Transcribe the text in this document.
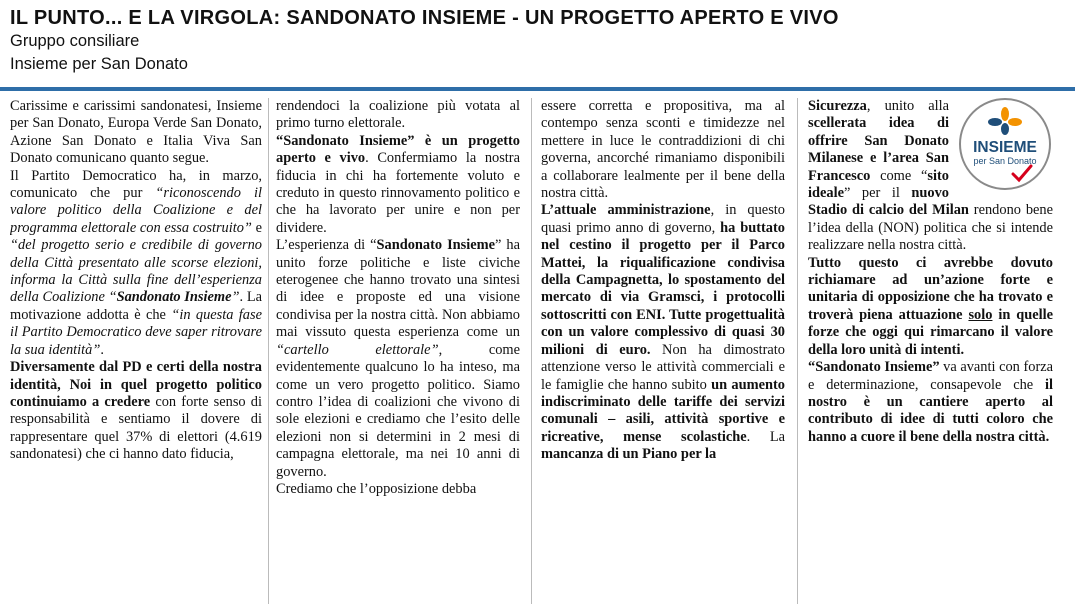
IL PUNTO... E LA VIRGOLA: SANDONATO INSIEME - UN PROGETTO APERTO E VIVO
Gruppo consiliare
Insieme per San Donato

Carissime e carissimi sandonatesi, Insieme per San Donato, Europa Verde San Donato, Azione San Donato e Italia Viva San Donato comunicano quanto segue.

Il Partito Democratico ha, in marzo, comunicato che pur “riconoscendo il valore politico della Coalizione e del programma elettorale con essa costruito” e “del progetto serio e credibile di governo della Città presentato alle scorse elezioni, informa la Città sulla fine dell’esperienza della Coalizione “Sandonato Insieme”. La motivazione addotta è che “in questa fase il Partito Democratico deve saper ritrovare la sua identità”.

Diversamente dal PD e certi della nostra identità, Noi in quel progetto politico continuiamo a credere con forte senso di responsabilità e sentiamo il dovere di rappresentare quel 37% di elettori (4.619 sandonatesi) che ci hanno dato fiducia,

rendendoci la coalizione più votata al primo turno elettorale.

“Sandonato Insieme” è un progetto aperto e vivo. Confermiamo la nostra fiducia in chi ha fortemente voluto e creduto in questo rinnovamento politico e che ha lavorato per unire e non per dividere.

L’esperienza di “Sandonato Insieme” ha unito forze politiche e liste civiche eterogenee che hanno trovato una sintesi di idee e proposte ed una visione condivisa per la nostra città. Non abbiamo mai vissuto questa esperienza come un “cartello elettorale”, come evidentemente qualcuno lo ha inteso, ma come un vero progetto politico. Siamo contro l’idea di coalizioni che vivono di sole elezioni e crediamo che l’esito delle elezioni non si determini in 2 mesi di campagna elettorale, ma nei 10 anni di governo.

Crediamo che l’opposizione debba

essere corretta e propositiva, ma al contempo senza sconti e timidezze nel mettere in luce le contraddizioni di chi governa, ancorché rimaniamo disponibili a collaborare lealmente per il bene della nostra città.

L’attuale amministrazione, in questo quasi primo anno di governo, ha buttato nel cestino il progetto per il Parco Mattei, la riqualificazione condivisa della Campagnetta, lo spostamento del mercato di via Gramsci, i protocolli sottoscritti con ENI. Tutte progettualità con un valore complessivo di quasi 30 milioni di euro. Non ha dimostrato attenzione verso le attività commerciali e le famiglie che hanno subito un aumento indiscriminato delle tariffe dei servizi comunali – asili, attività sportive e ricreative, mense scolastiche. La mancanza di un Piano per la

INSIEME
per San Donato

Sicurezza, unito alla scellerata idea di offrire San Donato Milanese e l’area San Francesco come “sito ideale” per il nuovo Stadio di calcio del Milan rendono bene l’idea della (NON) politica che si intende realizzare nella nostra città.

Tutto questo ci avrebbe dovuto richiamare ad un’azione forte e unitaria di opposizione che ha trovato e troverà piena attuazione solo in quelle forze che oggi qui rimarcano il valore della loro unità di intenti.

“Sandonato Insieme” va avanti con forza e determinazione, consapevole che il nostro è un cantiere aperto al contributo di idee di tutti coloro che hanno a cuore il bene della nostra città.
